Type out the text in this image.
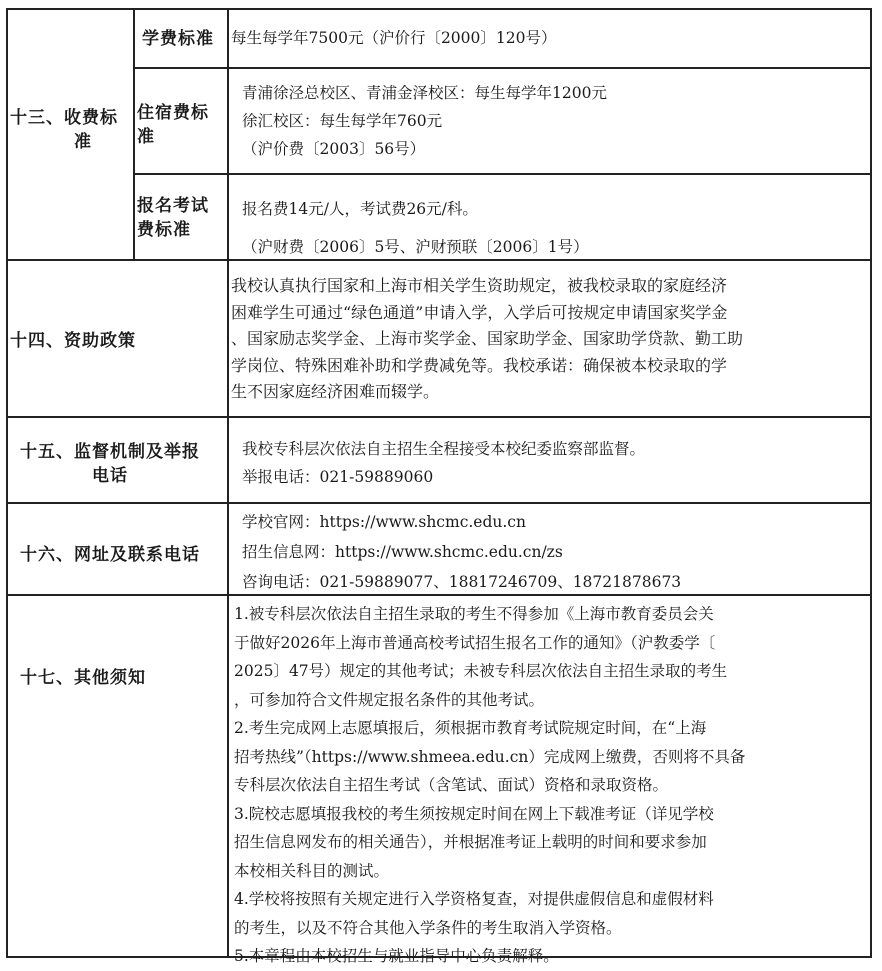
十三、收费标
准
学费标准 每生每学年7500元（沪价行〔2000〕120号）
住宿费标
准
青浦徐泾总校区、青浦金泽校区：每生每学年1200元
徐汇校区：每生每学年760元
（沪价费〔2003〕56号）
报名考试
费标准
报名费14元/人，考试费26元/科。
（沪财费〔2006〕5号、沪财预联〔2006〕1号）
十四、资助政策
我校认真执行国家和上海市相关学生资助规定，被我校录取的家庭经济
困难学生可通过“绿色通道”申请入学，入学后可按规定申请国家奖学金
、国家励志奖学金、上海市奖学金、国家助学金、国家助学贷款、勤工助
学岗位、特殊困难补助和学费减免等。我校承诺：确保被本校录取的学
生不因家庭经济困难而辍学。
十五、监督机制及举报
电话
我校专科层次依法自主招生全程接受本校纪委监察部监督。
举报电话：021-59889060
十六、网址及联系电话
学校官网：https://www.shcmc.edu.cn
招生信息网：https://www.shcmc.edu.cn/zs
咨询电话：021-59889077、18817246709、18721878673
十七、其他须知
1.被专科层次依法自主招生录取的考生不得参加《上海市教育委员会关
于做好2026年上海市普通高校考试招生报名工作的通知》（沪教委学〔
2025〕47号）规定的其他考试；未被专科层次依法自主招生录取的考生
，可参加符合文件规定报名条件的其他考试。
2.考生完成网上志愿填报后，须根据市教育考试院规定时间，在“上海
招考热线”（https://www.shmeea.edu.cn）完成网上缴费，否则将不具备
专科层次依法自主招生考试（含笔试、面试）资格和录取资格。
3.院校志愿填报我校的考生须按规定时间在网上下载准考证（详见学校
招生信息网发布的相关通告），并根据准考证上载明的时间和要求参加
本校相关科目的测试。
4.学校将按照有关规定进行入学资格复查，对提供虚假信息和虚假材料
的考生，以及不符合其他入学条件的考生取消入学资格。
5.本章程由本校招生与就业指导中心负责解释。
